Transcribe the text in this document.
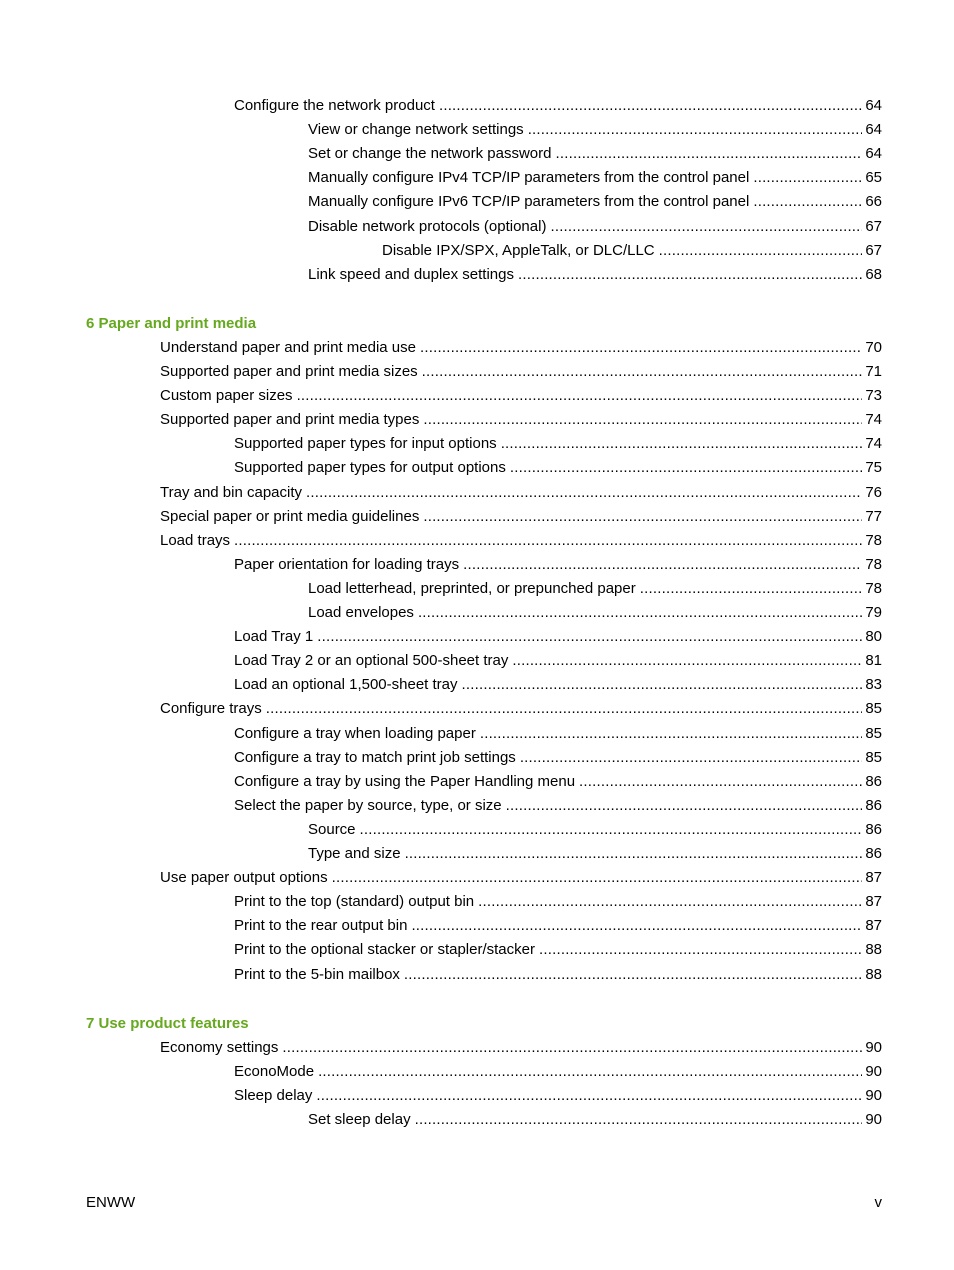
Configure the network product .....	64
View or change network settings .....	64
Set or change the network password .....	64
Manually configure IPv4 TCP/IP parameters from the control panel .....	65
Manually configure IPv6 TCP/IP parameters from the control panel .....	66
Disable network protocols (optional) .....	67
Disable IPX/SPX, AppleTalk, or DLC/LLC .....	67
Link speed and duplex settings .....	68
6 Paper and print media
Understand paper and print media use .....	70
Supported paper and print media sizes .....	71
Custom paper sizes .....	73
Supported paper and print media types .....	74
Supported paper types for input options .....	74
Supported paper types for output options .....	75
Tray and bin capacity .....	76
Special paper or print media guidelines .....	77
Load trays .....	78
Paper orientation for loading trays .....	78
Load letterhead, preprinted, or prepunched paper .....	78
Load envelopes .....	79
Load Tray 1 .....	80
Load Tray 2 or an optional 500-sheet tray .....	81
Load an optional 1,500-sheet tray .....	83
Configure trays .....	85
Configure a tray when loading paper .....	85
Configure a tray to match print job settings .....	85
Configure a tray by using the Paper Handling menu .....	86
Select the paper by source, type, or size .....	86
Source .....	86
Type and size .....	86
Use paper output options .....	87
Print to the top (standard) output bin .....	87
Print to the rear output bin .....	87
Print to the optional stacker or stapler/stacker .....	88
Print to the 5-bin mailbox .....	88
7 Use product features
Economy settings .....	90
EconoMode .....	90
Sleep delay .....	90
Set sleep delay .....	90
ENWW	v
